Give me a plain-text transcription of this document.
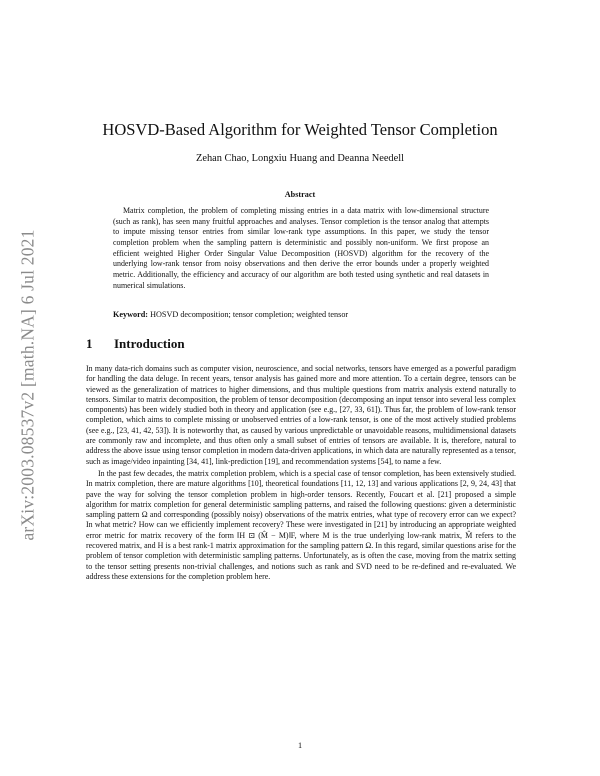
arXiv:2003.08537v2 [math.NA] 6 Jul 2021
HOSVD-Based Algorithm for Weighted Tensor Completion
Zehan Chao, Longxiu Huang and Deanna Needell
Abstract

Matrix completion, the problem of completing missing entries in a data matrix with low-dimensional structure (such as rank), has seen many fruitful approaches and analyses. Tensor completion is the tensor analog that attempts to impute missing tensor entries from similar low-rank type assumptions. In this paper, we study the tensor completion problem when the sampling pattern is deterministic and possibly non-uniform. We first propose an efficient weighted Higher Order Singular Value Decomposition (HOSVD) algorithm for the recovery of the underlying low-rank tensor from noisy observations and then derive the error bounds under a properly weighted metric. Additionally, the efficiency and accuracy of our algorithm are both tested using synthetic and real datasets in numerical simulations.

Keyword: HOSVD decomposition; tensor completion; weighted tensor

1 Introduction

In many data-rich domains such as computer vision, neuroscience, and social networks, tensors have emerged as a powerful paradigm for handling the data deluge. In recent years, tensor analysis has gained more and more attention. To a certain degree, tensors can be viewed as the generalization of matrices to higher dimensions, and thus multiple questions from matrix analysis extend naturally to tensors. Similar to matrix decomposition, the problem of tensor decomposition (decomposing an input tensor into several less complex components) has been widely studied both in theory and application (see e.g., [27, 33, 61]). Thus far, the problem of low-rank tensor completion, which aims to complete missing or unobserved entries of a low-rank tensor, is one of the most actively studied problems (see e.g., [23, 41, 42, 53]). It is noteworthy that, as caused by various unpredictable or unavoidable reasons, multidimensional datasets are commonly raw and incomplete, and thus often only a small subset of entries of tensors are available. It is, therefore, natural to address the above issue using tensor completion in modern data-driven applications, in which data are naturally represented as a tensor, such as image/video inpainting [34, 41], link-prediction [19], and recommendation systems [54], to name a few.

In the past few decades, the matrix completion problem, which is a special case of tensor completion, has been extensively studied. In matrix completion, there are mature algorithms [10], theoretical foundations [11, 12, 13] and various applications [2, 9, 24, 43] that pave the way for solving the tensor completion problem in high-order tensors. Recently, Foucart et al. [21] proposed a simple algorithm for matrix completion for general deterministic sampling patterns, and raised the following questions: given a deterministic sampling pattern Ω and corresponding (possibly noisy) observations of the matrix entries, what type of recovery error can we expect? In what metric? How can we efficiently implement recovery? These were investigated in [21] by introducing an appropriate weighted error metric for matrix recovery of the form ‖H ⊡ (M̂ − M)‖F, where M is the true underlying low-rank matrix, M̂ refers to the recovered matrix, and H is a best rank-1 matrix approximation for the sampling pattern Ω. In this regard, similar questions arise for the problem of tensor completion with deterministic sampling patterns. Unfortunately, as is often the case, moving from the matrix setting to the tensor setting presents non-trivial challenges, and notions such as rank and SVD need to be re-defined and re-evaluated. We address these extensions for the completion problem here.

1
